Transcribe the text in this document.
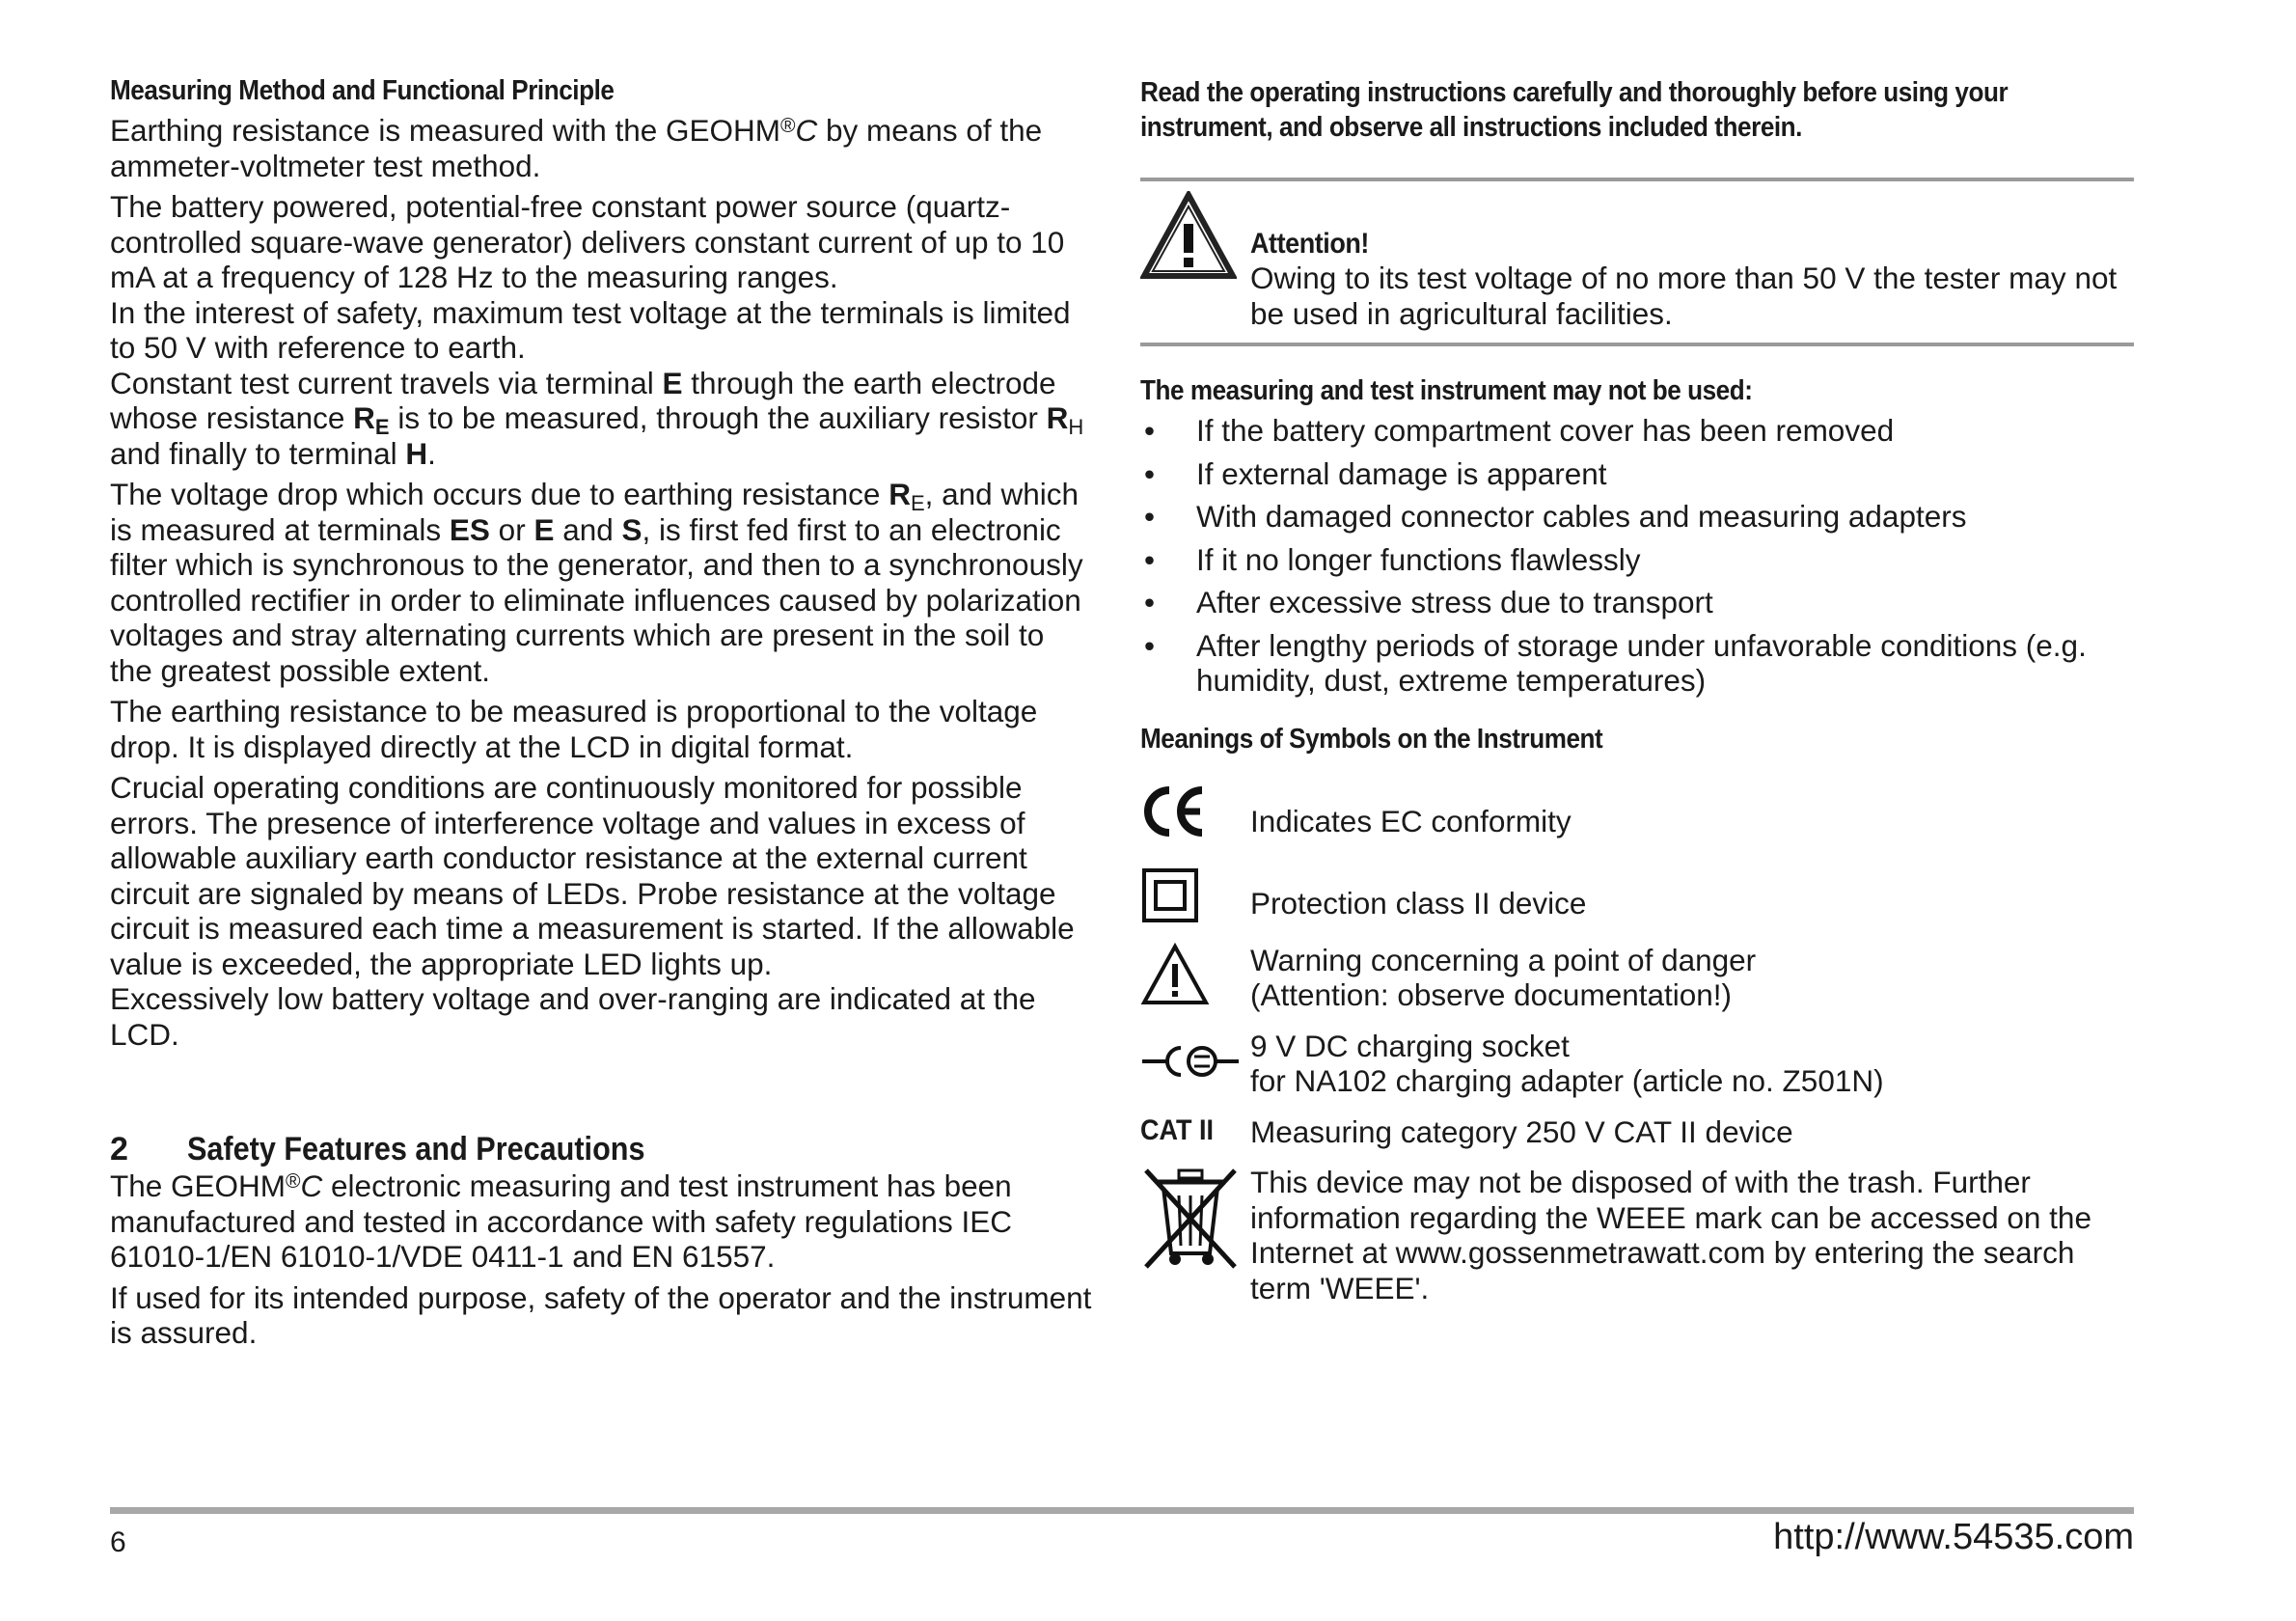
Measuring Method and Functional Principle

Earthing resistance is measured with the GEOHM®C by means of the ammeter-voltmeter test method.

The battery powered, potential-free constant power source (quartz-controlled square-wave generator) delivers constant current of up to 10 mA at a frequency of 128 Hz to the measuring ranges.

In the interest of safety, maximum test voltage at the terminals is limited to 50 V with reference to earth.

Constant test current travels via terminal E through the earth electrode whose resistance $R_E$ is to be measured, through the auxiliary resistor $R_H$ and finally to terminal H.

The voltage drop which occurs due to earthing resistance $R_E$, and which is measured at terminals ES or E and S, is first fed first to an electronic filter which is synchronous to the generator, and then to a synchronously controlled rectifier in order to eliminate influences caused by polarization voltages and stray alternating currents which are present in the soil to the greatest possible extent.

The earthing resistance to be measured is proportional to the voltage drop. It is displayed directly at the LCD in digital format.

Crucial operating conditions are continuously monitored for possible errors. The presence of interference voltage and values in excess of allowable auxiliary earth conductor resistance at the external current circuit are signaled by means of LEDs. Probe resistance at the voltage circuit is measured each time a measurement is started. If the allowable value is exceeded, the appropriate LED lights up.

Excessively low battery voltage and over-ranging are indicated at the LCD.

2	Safety Features and Precautions

The GEOHM®C electronic measuring and test instrument has been manufactured and tested in accordance with safety regulations IEC 61010-1/EN 61010-1/VDE 0411-1 and EN 61557.

If used for its intended purpose, safety of the operator and the instrument is assured.

Read the operating instructions carefully and thoroughly before using your instrument, and observe all instructions included therein.
Attention!

Owing to its test voltage of no more than 50 V the tester may not be used in agricultural facilities.

The measuring and test instrument may not be used:
• If the battery compartment cover has been removed
• If external damage is apparent
• With damaged connector cables and measuring adapters
• If it no longer functions flawlessly
• After excessive stress due to transport
• After lengthy periods of storage under unfavorable conditions (e.g. humidity, dust, extreme temperatures)
Meanings of Symbols on the Instrument

Indicates EC conformity

Protection class II device

Warning concerning a point of danger

(Attention: observe documentation!)

9 V DC charging socket

for NA102 charging adapter (article no. Z501N)

CAT II	Measuring category 250 V CAT II device

This device may not be disposed of with the trash. Further information regarding the WEEE mark can be accessed on the Internet at www.gossenmetrawatt.com by entering the search term 'WEEE'.

6	http://www.54535.com
